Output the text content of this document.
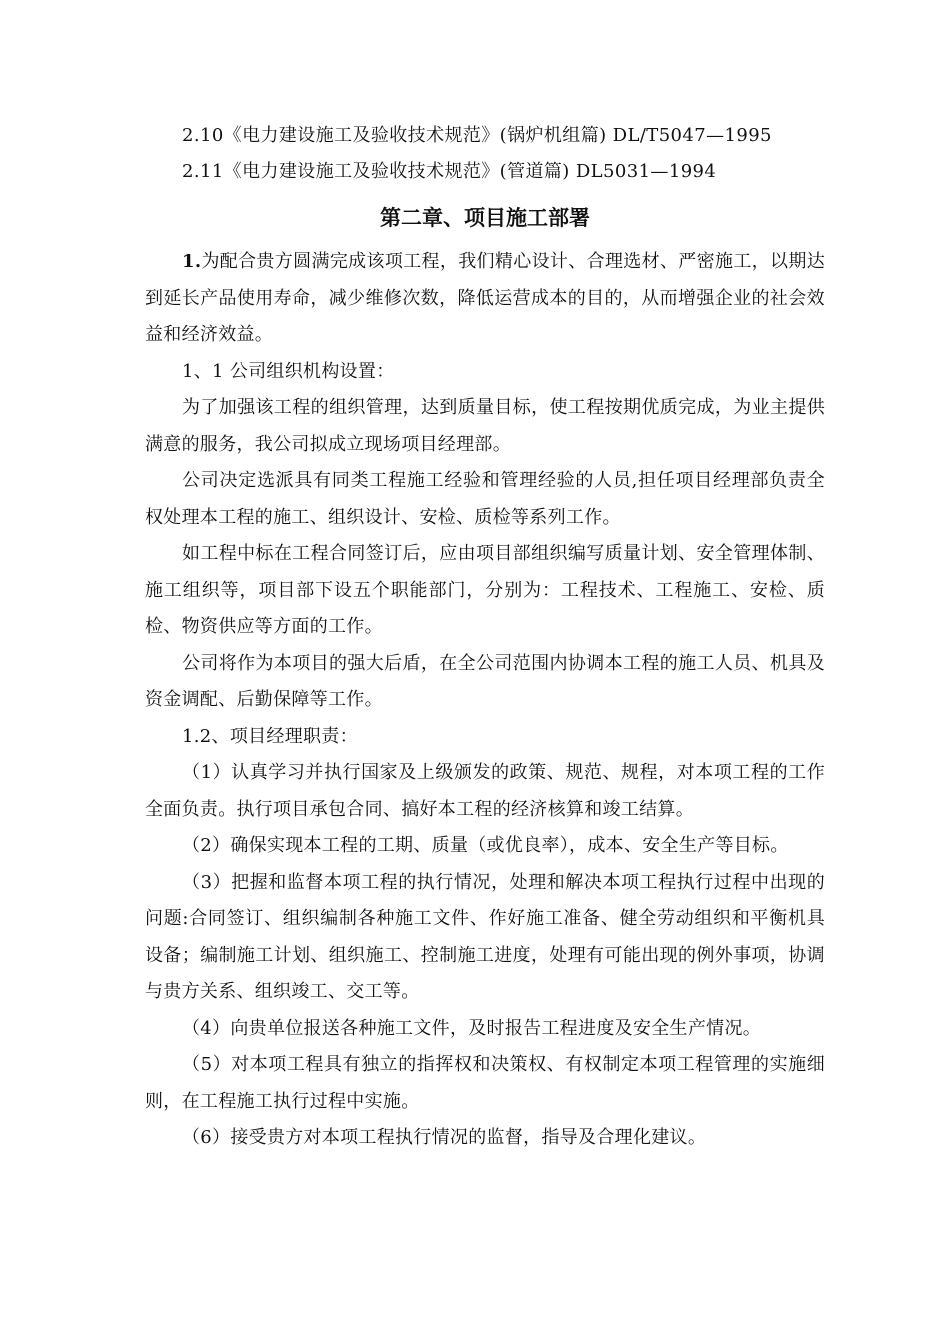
2.10《电力建设施工及验收技术规范》(锅炉机组篇) DL/T5047—1995
2.11《电力建设施工及验收技术规范》(管道篇) DL5031—1994
第二章、项目施工部署

1.为配合贵方圆满完成该项工程，我们精心设计、合理选材、严密施工，以期达到延长产品使用寿命，减少维修次数，降低运营成本的目的，从而增强企业的社会效益和经济效益。

1、1 公司组织机构设置：

为了加强该工程的组织管理，达到质量目标，使工程按期优质完成，为业主提供满意的服务，我公司拟成立现场项目经理部。

公司决定选派具有同类工程施工经验和管理经验的人员,担任项目经理部负责全权处理本工程的施工、组织设计、安检、质检等系列工作。

如工程中标在工程合同签订后，应由项目部组织编写质量计划、安全管理体制、施工组织等，项目部下设五个职能部门，分别为：工程技术、工程施工、安检、质检、物资供应等方面的工作。

公司将作为本项目的强大后盾，在全公司范围内协调本工程的施工人员、机具及资金调配、后勤保障等工作。

1.2、项目经理职责：

（1）认真学习并执行国家及上级颁发的政策、规范、规程，对本项工程的工作全面负责。执行项目承包合同、搞好本工程的经济核算和竣工结算。

（2）确保实现本工程的工期、质量（或优良率），成本、安全生产等目标。

（3）把握和监督本项工程的执行情况，处理和解决本项工程执行过程中出现的问题:合同签订、组织编制各种施工文件、作好施工准备、健全劳动组织和平衡机具设备；编制施工计划、组织施工、控制施工进度，处理有可能出现的例外事项，协调与贵方关系、组织竣工、交工等。

（4）向贵单位报送各种施工文件，及时报告工程进度及安全生产情况。

（5）对本项工程具有独立的指挥权和决策权、有权制定本项工程管理的实施细则，在工程施工执行过程中实施。

（6）接受贵方对本项工程执行情况的监督，指导及合理化建议。
